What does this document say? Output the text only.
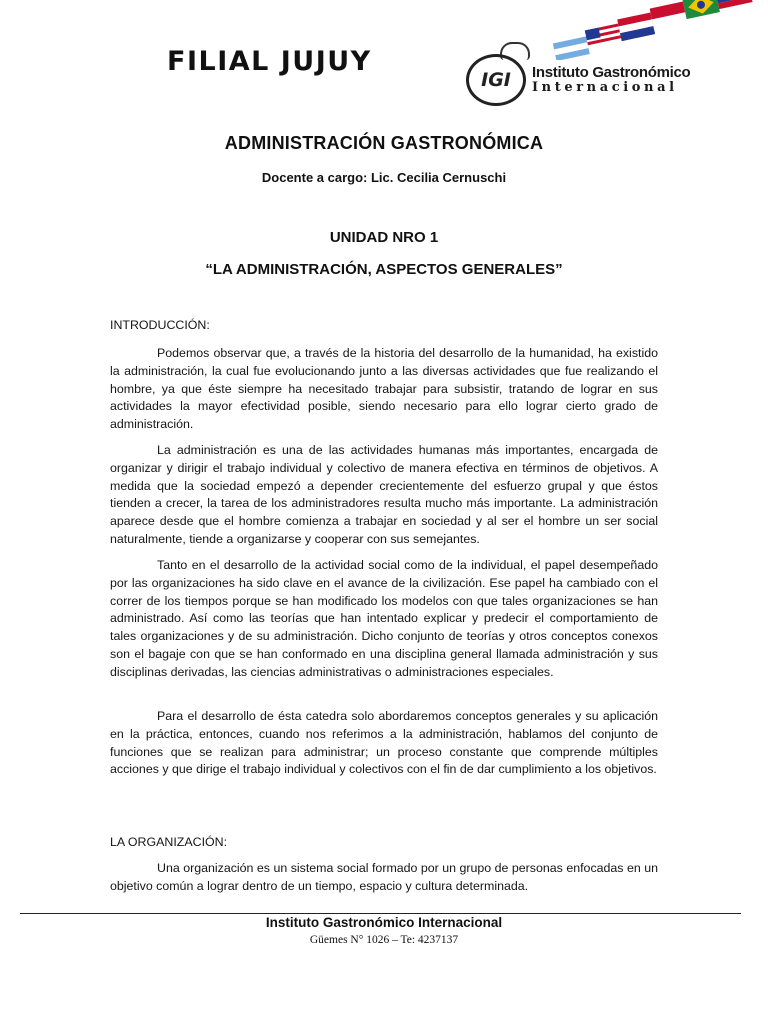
FILIAL JUJUY
IGI	Instituto Gastronómico
Internacional
ADMINISTRACIÓN GASTRONÓMICA
Docente a cargo: Lic. Cecilia Cernuschi
UNIDAD NRO 1
“LA ADMINISTRACIÓN, ASPECTOS GENERALES”
INTRODUCCIÓN:

Podemos observar que, a través de la historia del desarrollo de la humanidad, ha existido la administración, la cual fue evolucionando junto a las diversas actividades que fue realizando el hombre, ya que éste siempre ha necesitado trabajar para subsistir, tratando de lograr en sus actividades la mayor efectividad posible, siendo necesario para ello lograr cierto grado de administración.

La administración es una de las actividades humanas más importantes, encargada de organizar y dirigir el trabajo individual y colectivo de manera efectiva en términos de objetivos. A medida que la sociedad empezó a depender crecientemente del esfuerzo grupal y que éstos tienden a crecer, la tarea de los administradores resulta mucho más importante. La administración aparece desde que el hombre comienza a trabajar en sociedad y al ser el hombre un ser social naturalmente, tiende a organizarse y cooperar con sus semejantes.

Tanto en el desarrollo de la actividad social como de la individual, el papel desempeñado por las organizaciones ha sido clave en el avance de la civilización. Ese papel ha cambiado con el correr de los tiempos porque se han modificado los modelos con que tales organizaciones se han administrado. Así como las teorías que han intentado explicar y predecir el comportamiento de tales organizaciones y de su administración. Dicho conjunto de teorías y otros conceptos conexos son el bagaje con que se han conformado en una disciplina general llamada administración y sus disciplinas derivadas, las ciencias administrativas o administraciones especiales.

Para el desarrollo de ésta catedra solo abordaremos conceptos generales y su aplicación en la práctica, entonces, cuando nos referimos a la administración, hablamos del conjunto de funciones que se realizan para administrar; un proceso constante que comprende múltiples acciones y que dirige el trabajo individual y colectivos con el fin de dar cumplimiento a los objetivos.

LA ORGANIZACIÓN:

Una organización es un sistema social formado por un grupo de personas enfocadas en un objetivo común a lograr dentro de un tiempo, espacio y cultura determinada.

Instituto Gastronómico Internacional
Güemes N° 1026 – Te: 4237137
